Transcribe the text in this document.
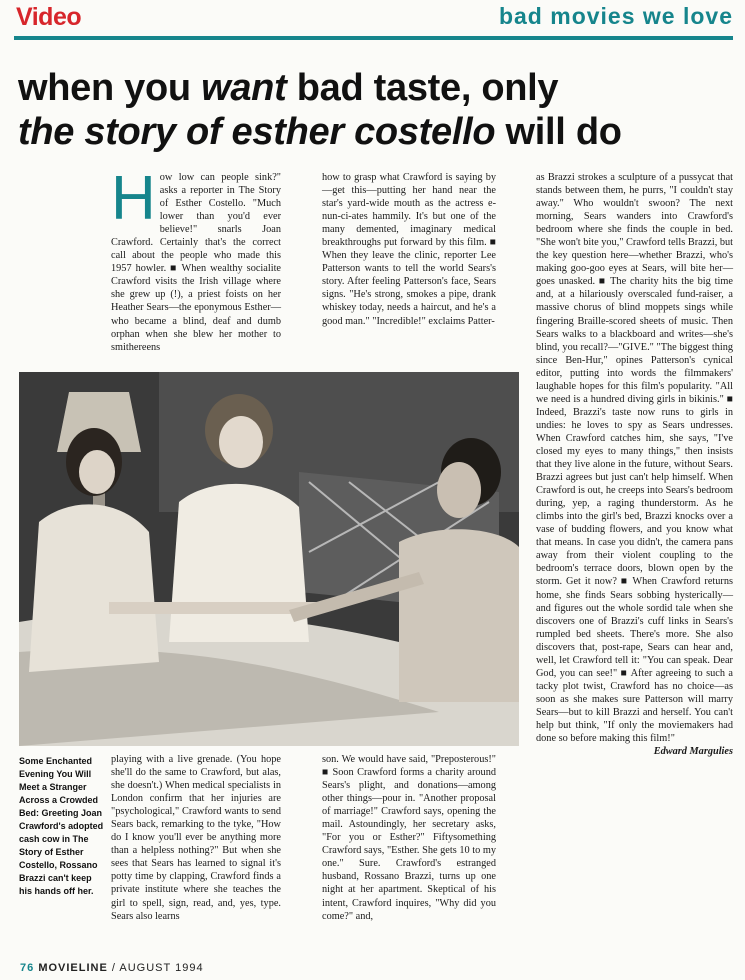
Video	bad movies we love
when you want bad taste, only
the story of esther costello will do
H ow low can people sink?" asks a reporter in The Story of Esther Costello. "Much lower than you'd ever believe!" snarls Joan Crawford. Certainly that's the correct call about the people who made this 1957 howler. ■ When wealthy socialite Crawford visits the Irish village where she grew up (!), a priest foists on her Heather Sears—the eponymous Esther—who became a blind, deaf and dumb orphan when she blew her mother to smithereens

how to grasp what Crawford is saying by—get this—putting her hand near the star's yard-wide mouth as the actress e-nun-ci-ates hammily. It's but one of the many demented, imaginary medical breakthroughs put forward by this film. ■ When they leave the clinic, reporter Lee Patterson wants to tell the world Sears's story. After feeling Patterson's face, Sears signs. "He's strong, smokes a pipe, drank whiskey today, needs a haircut, and he's a good man." "Incredible!" exclaims Patter-

as Brazzi strokes a sculpture of a pussycat that stands between them, he purrs, "I couldn't stay away." Who wouldn't swoon? The next morning, Sears wanders into Crawford's bedroom where she finds the couple in bed. "She won't bite you," Crawford tells Brazzi, but the key question here—whether Brazzi, who's making goo-goo eyes at Sears, will bite her—goes unasked. ■ The charity hits the big time and, at a hilariously overscaled fund-raiser, a massive chorus of blind moppets sings while fingering Braille-scored sheets of music. Then Sears walks to a blackboard and writes—she's blind, you recall?—"GIVE." "The biggest thing since Ben-Hur," opines Patterson's cynical editor, putting into words the filmmakers' laughable hopes for this film's popularity. "All we need is a hundred diving girls in bikinis." ■ Indeed, Brazzi's taste now runs to girls in undies: he loves to spy as Sears undresses. When Crawford catches him, she says, "I've closed my eyes to many things," then insists that they live alone in the future, without Sears. Brazzi agrees but just can't help himself. When Crawford is out, he creeps into Sears's bedroom during, yep, a raging thunderstorm. As he climbs into the girl's bed, Brazzi knocks over a vase of budding flowers, and you know what that means. In case you didn't, the camera pans away from their violent coupling to the bedroom's terrace doors, blown open by the storm. Get it now? ■ When Crawford returns home, she finds Sears sobbing hysterically—and figures out the whole sordid tale when she discovers one of Brazzi's cuff links in Sears's rumpled bed sheets. There's more. She also discovers that, post-rape, Sears can hear and, well, let Crawford tell it: "You can speak. Dear God, you can see!" ■ After agreeing to such a tacky plot twist, Crawford has no choice—as soon as she makes sure Patterson will marry Sears—but to kill Brazzi and herself. You can't help but think, "If only the moviemakers had done so before making this film!"

Edward Margulies
Some Enchanted Evening You Will Meet a Stranger Across a Crowded Bed: Greeting Joan Crawford's adopted cash cow in The Story of Esther Costello, Rossano Brazzi can't keep his hands off her.

playing with a live grenade. (You hope she'll do the same to Crawford, but alas, she doesn't.) When medical specialists in London confirm that her injuries are "psychological," Crawford wants to send Sears back, remarking to the tyke, "How do I know you'll ever be anything more than a helpless nothing?" But when she sees that Sears has learned to signal it's potty time by clapping, Crawford finds a private institute where she teaches the girl to spell, sign, read, and, yes, type. Sears also learns

son. We would have said, "Preposterous!" ■ Soon Crawford forms a charity around Sears's plight, and donations—among other things—pour in. "Another proposal of marriage!" Crawford says, opening the mail. Astoundingly, her secretary asks, "For you or Esther?" Fiftysomething Crawford says, "Esther. She gets 10 to my one." Sure. Crawford's estranged husband, Rossano Brazzi, turns up one night at her apartment. Skeptical of his intent, Crawford inquires, "Why did you come?" and,

76 MOVIELINE / AUGUST 1994
